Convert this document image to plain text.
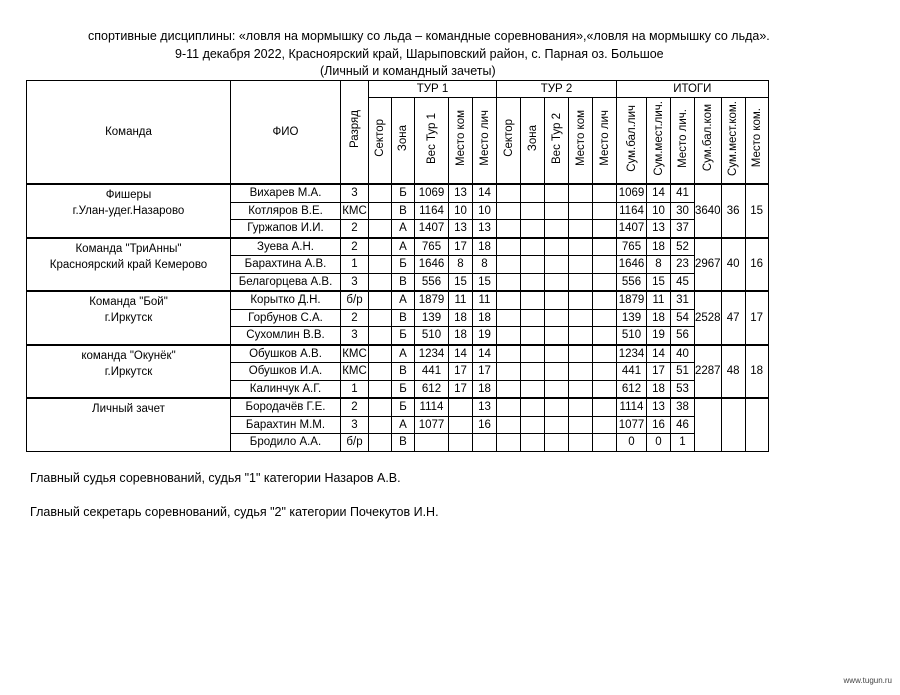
спортивные дисциплины: «ловля на мормышку со льда – командные соревнования»,«ловля на мормышку со льда».
9-11 декабря 2022, Красноярский край, Шарыповский район, с. Парная оз. Большое
(Личный и командный зачеты)
Команда	ФИО	Разряд	ТУР 1					ТУР 2					ИТОГИ					
			Сектор	Зона	Вес Тур 1	Место ком	Место лич	Сектор	Зона	Вес Тур 2	Место ком	Место лич	Сум.бал.лич	Сум.мест.лич.	Место лич.	Сум.бал.ком	Сум.мест.ком.	Место ком.

Фишеры
г.Улан-удег.Назарово	Вихарев М.А.	3		Б	1069	13	14						1069	14	41	3640	36	15
	Котляров В.Е.	КМС		В	1164	10	10						1164	10	30			
	Гуржапов И.И.	2		А	1407	13	13						1407	13	37			

Команда "ТриАнны"
Красноярский край Кемерово	Зуева А.Н.	2		А	765	17	18						765	18	52	2967	40	16
	Барахтина А.В.	1		Б	1646	8	8						1646	8	23			
	Белагорцева А.В.	3		В	556	15	15						556	15	45			

Команда "Бой"
г.Иркутск	Корытко Д.Н.	б/р		А	1879	11	11						1879	11	31	2528	47	17
	Горбунов С.А.	2		В	139	18	18						139	18	54			
	Сухомлин В.В.	3		Б	510	18	19						510	19	56			

команда "Окунёк"
г.Иркутск	Обушков А.В.	КМС		А	1234	14	14						1234	14	40	2287	48	18
	Обушков И.А.	КМС		В	441	17	17						441	17	51			
	Калинчук А.Г.	1		Б	612	17	18						612	18	53			

Личный зачет	Бородачёв Г.Е.	2		Б	1114		13						1114	13	38			
	Барахтин М.М.	3		А	1077		16						1077	16	46			
	Бродило А.А.	б/р		В									0	0	1			
Главный судья соревнований, судья "1" категории Назаров А.В.
Главный секретарь соревнований, судья "2" категории Почекутов И.Н.
www.tugun.ru
